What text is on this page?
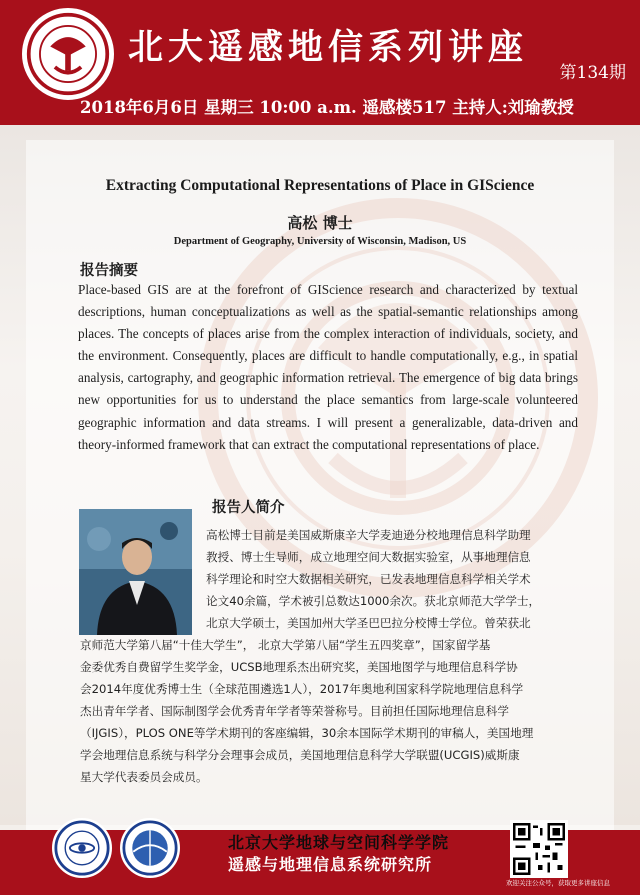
北大遥感地信系列讲座
第134期
2018年6月6日 星期三 10:00 a.m. 遥感楼517 主持人:刘瑜教授
Extracting Computational Representations of Place in GIScience
高松 博士
Department of Geography, University of Wisconsin, Madison, US
报告摘要
Place-based GIS are at the forefront of GIScience research and characterized by textual descriptions, human conceptualizations as well as the spatial-semantic relationships among places. The concepts of places arise from the complex interaction of individuals, society, and the environment. Consequently, places are difficult to handle computationally, e.g., in spatial analysis, cartography, and geographic information retrieval. The emergence of big data brings new opportunities for us to understand the place semantics from large-scale volunteered geographic information and data streams. I will present a generalizable, data-driven and theory-informed framework that can extract the computational representations of place.
报告人简介
高松博士目前是美国威斯康辛大学麦迪逊分校地理信息科学助理
教授、博士生导师，成立地理空间大数据实验室，从事地理信息
科学理论和时空大数据相关研究，已发表地理信息科学相关学术
论文40余篇，学术被引总数达1000余次。获北京师范大学学士，
北京大学硕士，美国加州大学圣巴巴拉分校博士学位。曾荣获北
京师范大学第八届“十佳大学生”， 北京大学第八届“学生五四奖章”，国家留学基
金委优秀自费留学生奖学金，UCSB地理系杰出研究奖，美国地图学与地理信息科学协
会2014年度优秀博士生（全球范围遴选1人），2017年奥地利国家科学院地理信息科学
杰出青年学者、国际制图学会优秀青年学者等荣誉称号。目前担任国际地理信息科学
（IJGIS），PLOS ONE等学术期刊的客座编辑，30余本国际学术期刊的审稿人，美国地理
学会地理信息系统与科学分会理事会成员，美国地理信息科学大学联盟(UCGIS)威斯康
星大学代表委员会成员。
北京大学地球与空间科学学院
遥感与地理信息系统研究所
欢迎关注公众号，获取更多讲座信息
